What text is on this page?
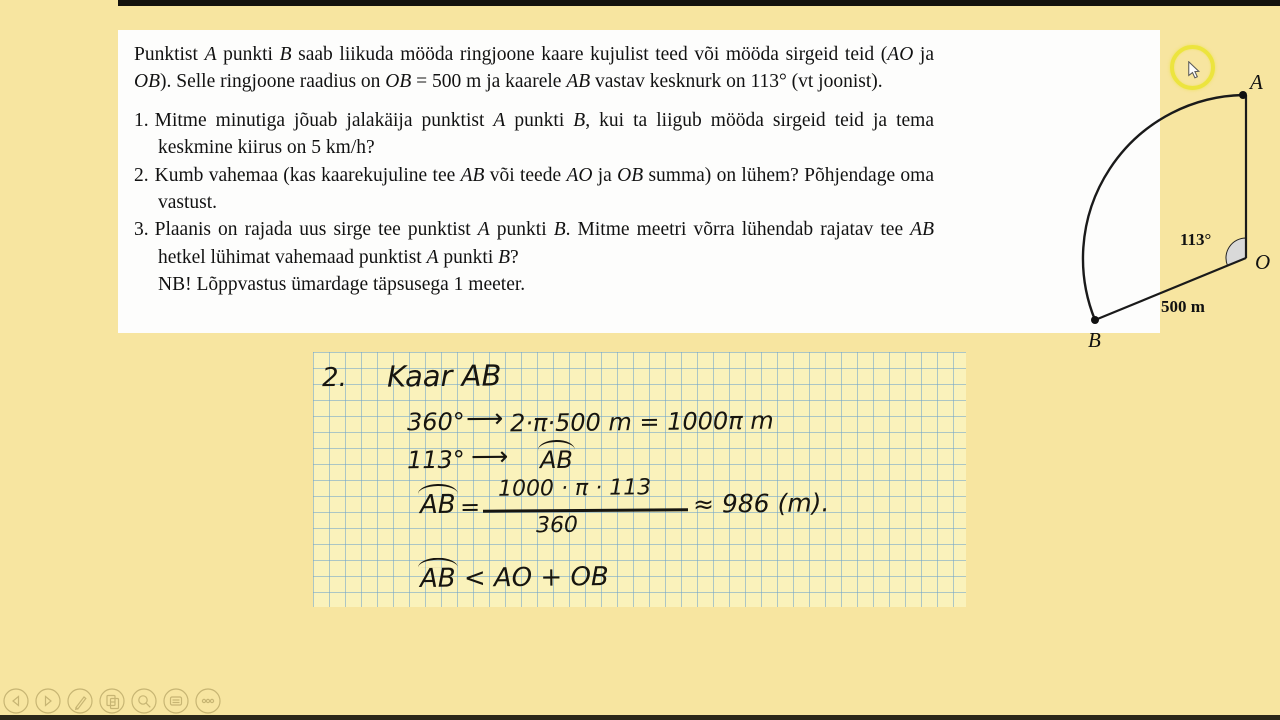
Punktist A punkti B saab liikuda mööda ringjoone kaare kujulist teed või mööda sirgeid teid (AO ja OB). Selle ringjoone raadius on OB = 500 m ja kaarele AB vastav kesknurk on 113° (vt joonist).

1. Mitme minutiga jõuab jalakäija punktist A punkti B, kui ta liigub mööda sirgeid teid ja tema keskmine kiirus on 5 km/h?
2. Kumb vahemaa (kas kaarekujuline tee AB või teede AO ja OB summa) on lühem? Põhjendage oma vastust.
3. Plaanis on rajada uus sirge tee punktist A punkti B. Mitme meetri võrra lühendab rajatav tee AB hetkel lühimat vahemaad punktist A punkti B?
NB! Lõppvastus ümardage täpsusega 1 meeter.
A
O
B
113°
500 m
2. Kaar AB
360° ⟶ 2·π·500 m = 1000π m
113° ⟶ AB
AB =
1000 · π · 113
360
≈ 986 (m).
AB < AO + OB
